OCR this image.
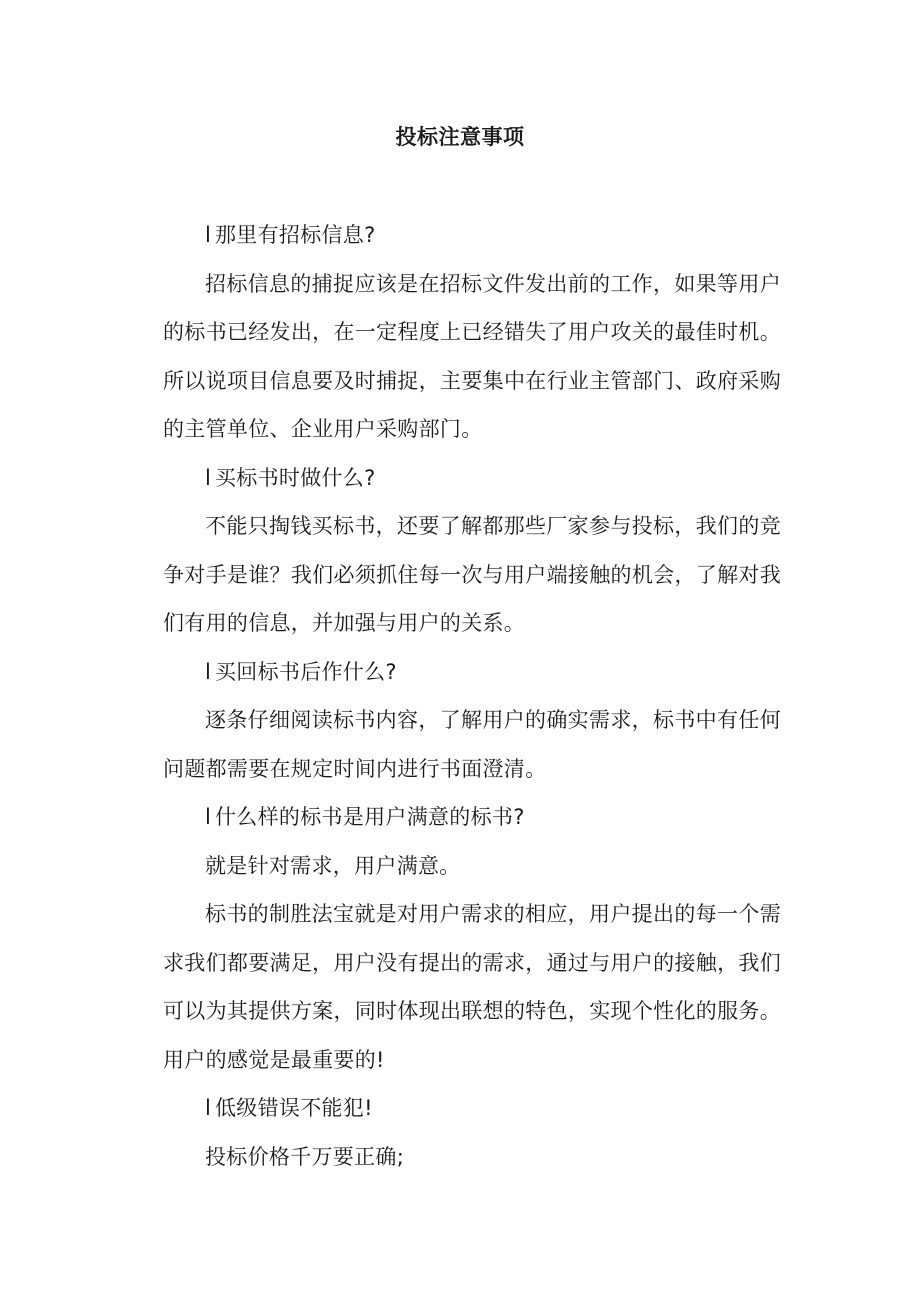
投标注意事项
l 那里有招标信息?
招标信息的捕捉应该是在招标文件发出前的工作，如果等用户的标书已经发出，在一定程度上已经错失了用户攻关的最佳时机。所以说项目信息要及时捕捉，主要集中在行业主管部门、政府采购的主管单位、企业用户采购部门。
l 买标书时做什么?
不能只掏钱买标书，还要了解都那些厂家参与投标，我们的竞争对手是谁？我们必须抓住每一次与用户端接触的机会，了解对我们有用的信息，并加强与用户的关系。
l 买回标书后作什么?
逐条仔细阅读标书内容，了解用户的确实需求，标书中有任何问题都需要在规定时间内进行书面澄清。
l 什么样的标书是用户满意的标书?
就是针对需求，用户满意。
标书的制胜法宝就是对用户需求的相应，用户提出的每一个需求我们都要满足，用户没有提出的需求，通过与用户的接触，我们可以为其提供方案，同时体现出联想的特色，实现个性化的服务。用户的感觉是最重要的!
l 低级错误不能犯!
投标价格千万要正确;
